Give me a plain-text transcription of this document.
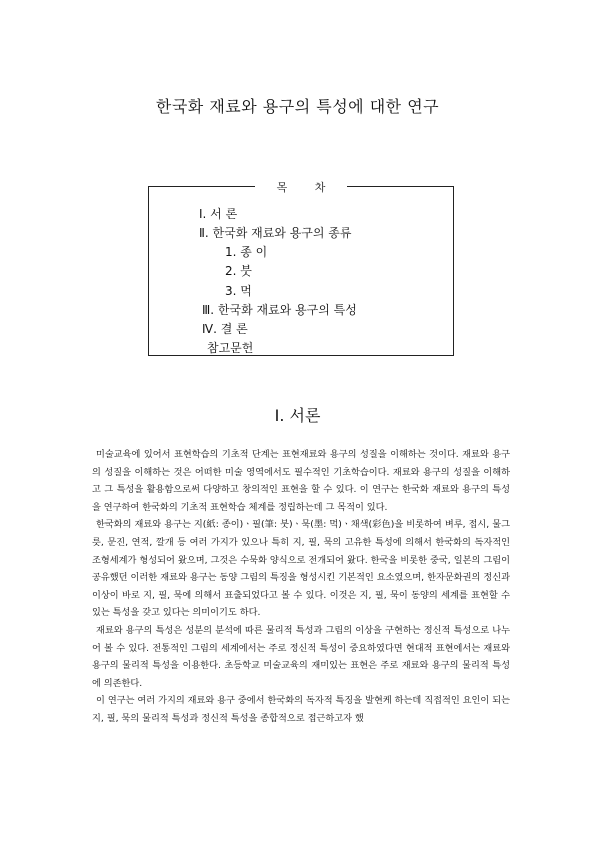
한국화 재료와 용구의 특성에 대한 연구
목 차
Ⅰ. 서 론
Ⅱ. 한국화 재료와 용구의 종류
1. 종 이
2. 붓
3. 먹
Ⅲ. 한국화 재료와 용구의 특성
Ⅳ. 결 론
참고문헌
Ⅰ. 서론

미술교육에 있어서 표현학습의 기초적 단계는 표현재료와 용구의 성질을 이해하는 것이다. 재료와 용구의 성질을 이해하는 것은 어떠한 미술 영역에서도 필수적인 기초학습이다. 재료와 용구의 성질을 이해하고 그 특성을 활용함으로써 다양하고 창의적인 표현을 할 수 있다. 이 연구는 한국화 재료와 용구의 특성을 연구하여 한국화의 기초적 표현학습 체계를 정립하는데 그 목적이 있다.

한국화의 재료와 용구는 지(紙: 종이)ㆍ필(筆: 붓)ㆍ묵(墨: 먹)ㆍ채색(彩色)을 비롯하여 벼루, 접시, 물그릇, 문진, 연적, 깔개 등 여러 가지가 있으나 특히 지, 필, 묵의 고유한 특성에 의해서 한국화의 독자적인 조형세계가 형성되어 왔으며, 그것은 수묵화 양식으로 전개되어 왔다. 한국을 비롯한 중국, 일본의 그림이 공유했던 이러한 재료와 용구는 동양 그림의 특징을 형성시킨 기본적인 요소였으며, 한자문화권의 정신과 이상이 바로 지, 필, 묵에 의해서 표출되었다고 볼 수 있다. 이것은 지, 필, 묵이 동양의 세계를 표현할 수 있는 특성을 갖고 있다는 의미이기도 하다.

재료와 용구의 특성은 성분의 분석에 따른 물리적 특성과 그림의 이상을 구현하는 정신적 특성으로 나누어 볼 수 있다. 전통적인 그림의 세계에서는 주로 정신적 특성이 중요하였다면 현대적 표현에서는 재료와 용구의 물리적 특성을 이용한다. 초등학교 미술교육의 재미있는 표현은 주로 재료와 용구의 물리적 특성에 의존한다.

이 연구는 여러 가지의 재료와 용구 중에서 한국화의 독자적 특징을 발현케 하는데 직접적인 요인이 되는 지, 필, 묵의 물리적 특성과 정신적 특성을 종합적으로 접근하고자 했
